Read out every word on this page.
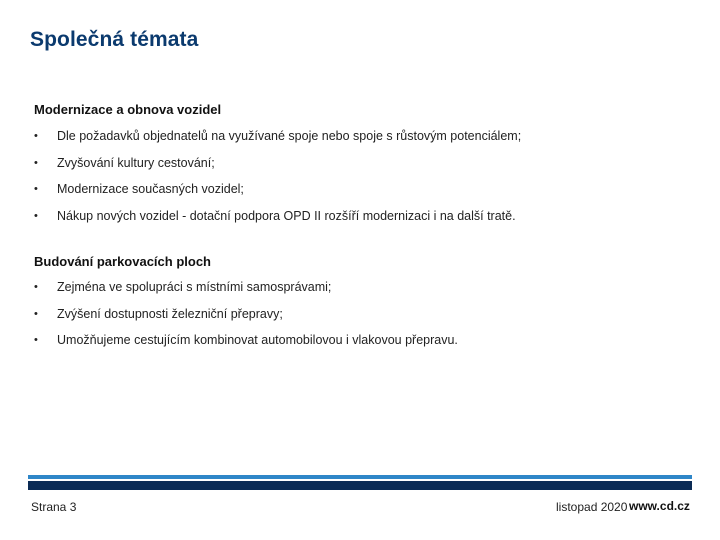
Společná témata
Modernizace a obnova vozidel
• Dle požadavků objednatelů na využívané spoje nebo spoje s růstovým potenciálem;
• Zvyšování kultury cestování;
• Modernizace současných vozidel;
• Nákup nových vozidel - dotační podpora OPD II rozšíří modernizaci i na další tratě.
Budování parkovacích ploch
• Zejména ve spolupráci s místními samosprávami;
• Zvýšení dostupnosti železniční přepravy;
• Umožňujeme cestujícím kombinovat automobilovou i vlakovou přepravu.
Strana 3	listopad 2020 www.cd.cz
